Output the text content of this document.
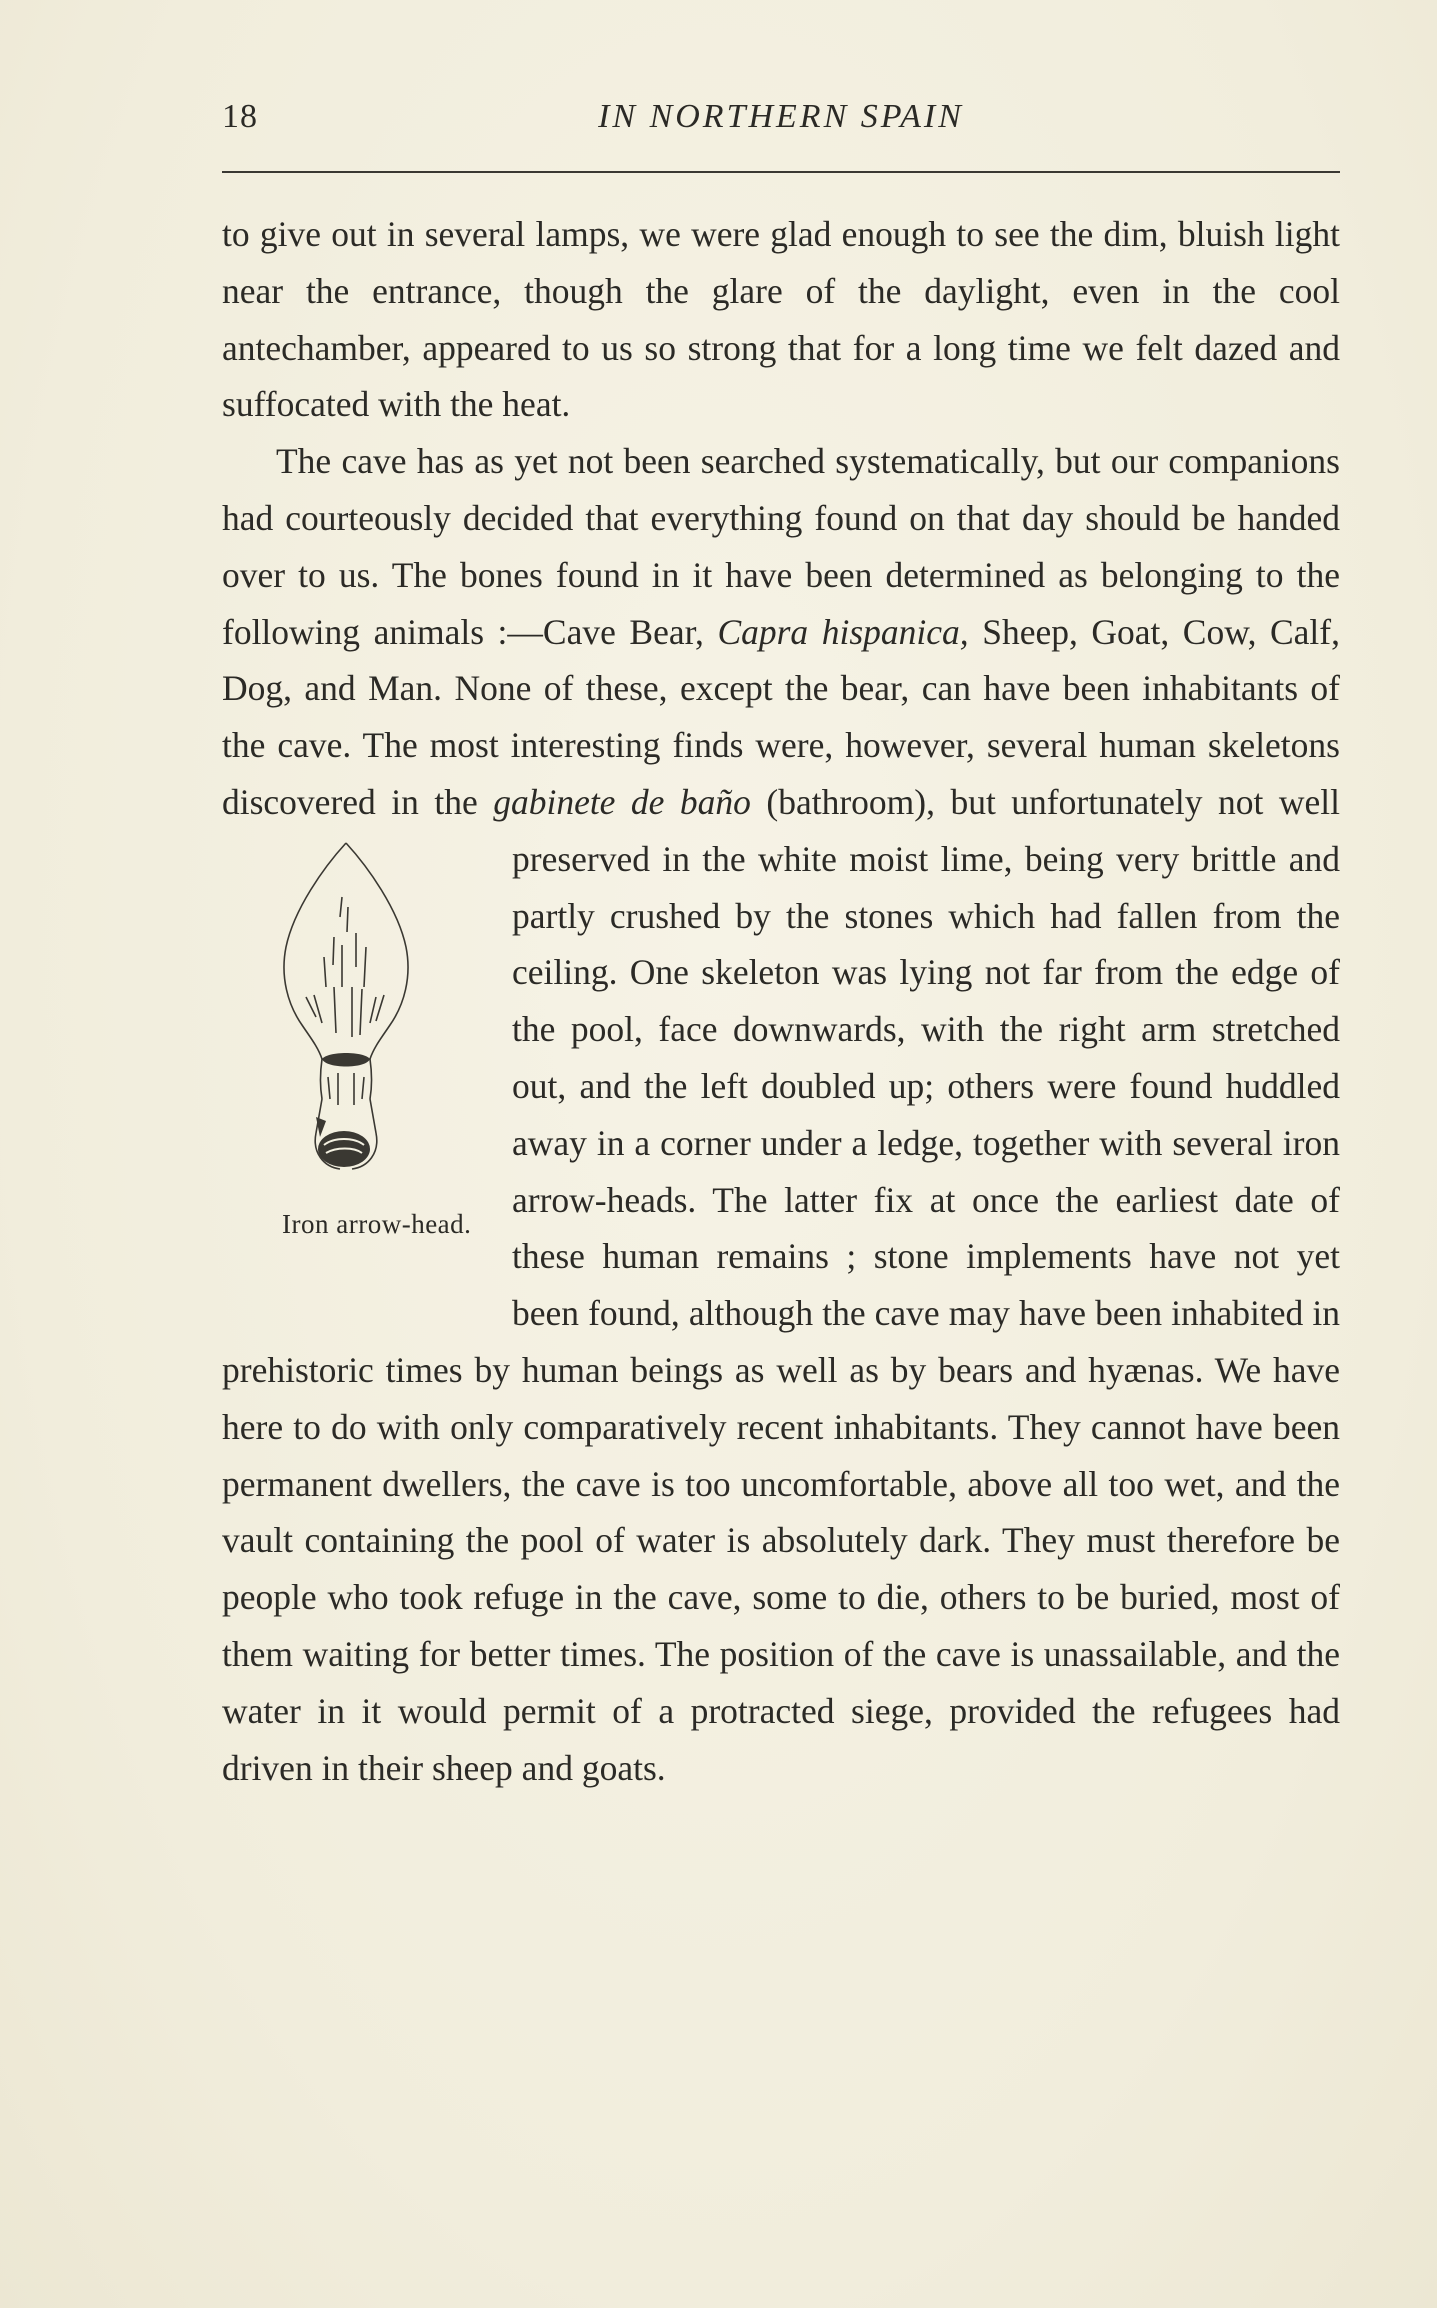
18	IN NORTHERN SPAIN

to give out in several lamps, we were glad enough to see the dim, bluish light near the entrance, though the glare of the daylight, even in the cool antechamber, appeared to us so strong that for a long time we felt dazed and suffocated with the heat.

The cave has as yet not been searched systematically, but our companions had courteously decided that everything found on that day should be handed over to us. The bones found in it have been determined as belonging to the following animals :—Cave Bear, Capra hispanica, Sheep, Goat, Cow, Calf, Dog, and Man. None of these, except the bear, can have been inhabitants of the cave. The most interesting finds were, however, several human skeletons discovered in the gabinete de baño (bathroom), but unfortunately not well preserved in the white moist lime, being very brittle and
Iron arrow-head.
partly crushed by the stones which had fallen from the ceiling. One skeleton was lying not far from the edge of the pool, face downwards, with the right arm stretched out, and the left doubled up; others were found huddled away in a corner under a ledge, together with several iron arrow-heads. The latter fix at once the earliest date of these human remains ; stone implements have not yet been found, although the cave may have been inhabited in prehistoric times by human beings as well as by bears and hyænas. We have here to do with only comparatively recent inhabitants. They cannot have been permanent dwellers, the cave is too uncomfortable, above all too wet, and the vault containing the pool of water is absolutely dark. They must therefore be people who took refuge in the cave, some to die, others to be buried, most of them waiting for better times. The position of the cave is unassailable, and the water in it would permit of a protracted siege, provided the refugees had driven in their sheep and goats.
